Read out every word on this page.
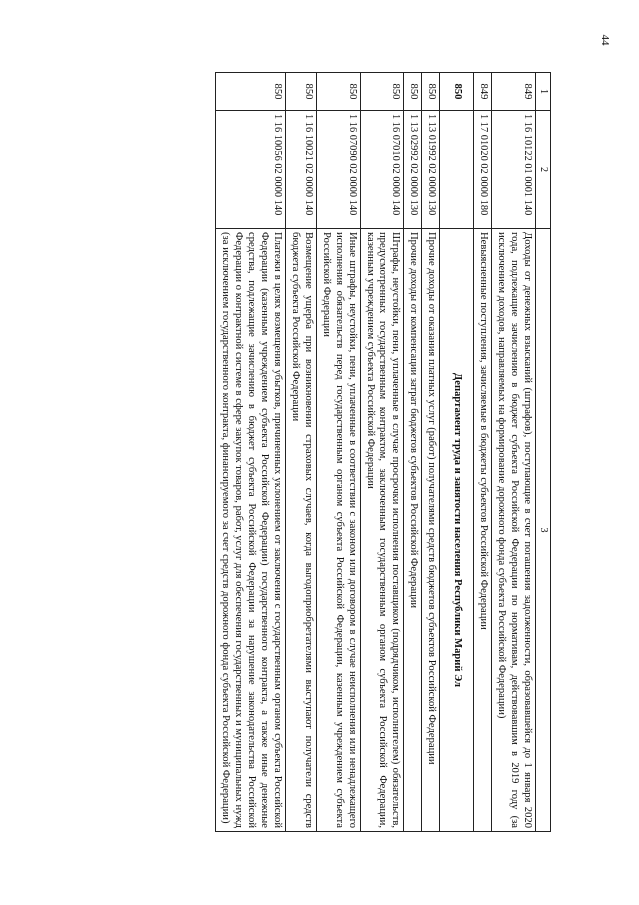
44
1	2	3
849	1 16 10122 01 0001 140	Доходы от денежных взысканий (штрафов), поступающие в счет погашения задолженности, образовавшейся до 1 января 2020 года, подлежащие зачислению в бюджет субъекта Российской Федерации по нормативам, действовавшим в 2019 году (за исключением доходов, направляемых на формирование дорожного фонда субъекта Российской Федерации)
849	1 17 01020 02 0000 180	Невыясненные поступления, зачисляемые в бюджеты субъектов Российской Федерации
850		Департамент труда и занятости населения Республики Марий Эл
850	1 13 01992 02 0000 130	Прочие доходы от оказания платных услуг (работ) получателями средств бюджетов субъектов Российской Федерации
850	1 13 02992 02 0000 130	Прочие доходы от компенсации затрат бюджетов субъектов Российской Федерации
850	1 16 07010 02 0000 140	Штрафы, неустойки, пени, уплаченные в случае просрочки исполнения поставщиком (подрядчиком, исполнителем) обязательств, предусмотренных государственным контрактом, заключенным государственным органом субъекта Российской Федерации, казенным учреждением субъекта Российской Федерации
850	1 16 07090 02 0000 140	Иные штрафы, неустойки, пени, уплаченные в соответствии с законом или договором в случае неисполнения или ненадлежащего исполнения обязательств перед государственным органом субъекта Российской Федерации, казенным учреждением субъекта Российской Федерации
850	1 16 10021 02 0000 140	Возмещение ущерба при возникновении страховых случаев, когда выгодоприобретателями выступают получатели средств бюджета субъекта Российской Федерации
850	1 16 10056 02 0000 140	Платежи в целях возмещения убытков, причиненных уклонением от заключения с государственным органом субъекта Российской Федерации (казенным учреждением субъекта Российской Федерации) государственного контракта, а также иные денежные средства, подлежащие зачислению в бюджет субъекта Российской Федерации за нарушение законодательства Российской Федерации о контрактной системе в сфере закупок товаров, работ, услуг для обеспечения государственных и муниципальных нужд (за исключением государственного контракта, финансируемого за счет средств дорожного фонда субъекта Российской Федерации)
